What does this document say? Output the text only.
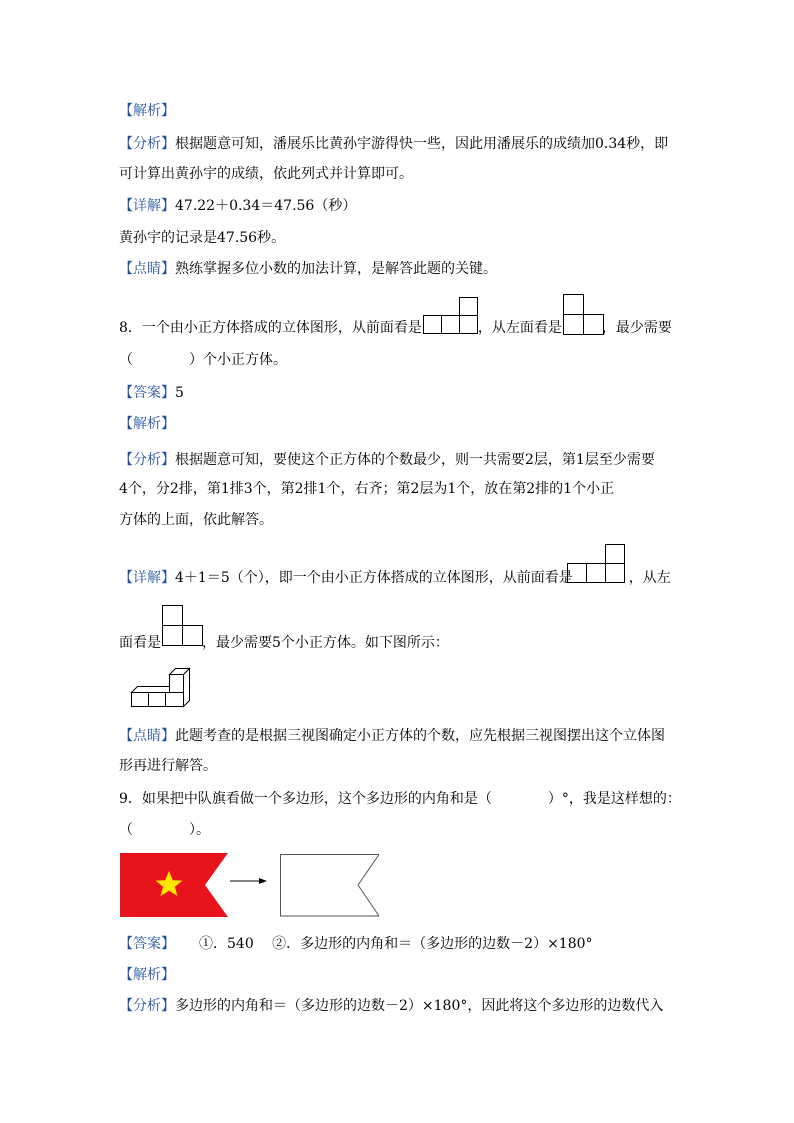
【解析】
【分析】根据题意可知，潘展乐比黄孙宇游得快一些，因此用潘展乐的成绩加0.34秒，即
可计算出黄孙宇的成绩，依此列式并计算即可。
【详解】47.22＋0.34＝47.56（秒）
黄孙宇的记录是47.56秒。
【点睛】熟练掌握多位小数的加法计算，是解答此题的关键。
8．一个由小正方体搭成的立体图形，从前面看是	，从左面看是	，最少需要
（　　　　）个小正方体。
【答案】5
【解析】
【分析】根据题意可知，要使这个正方体的个数最少，则一共需要2层，第1层至少需要
4个，分2排，第1排3个，第2排1个，右齐；第2层为1个，放在第2排的1个小正
方体的上面，依此解答。
【详解】4＋1＝5（个），即一个由小正方体搭成的立体图形，从前面看是	，从左
面看是	，最少需要5个小正方体。如下图所示：
【点睛】此题考查的是根据三视图确定小正方体的个数，应先根据三视图摆出这个立体图
形再进行解答。
9．如果把中队旗看做一个多边形，这个多边形的内角和是（　　　　）°，我是这样想的：
（　　　　）。
【答案】 ①．540　 ②．多边形的内角和＝（多边形的边数－2）×180°
【解析】
【分析】多边形的内角和＝（多边形的边数－2）×180°，因此将这个多边形的边数代入
